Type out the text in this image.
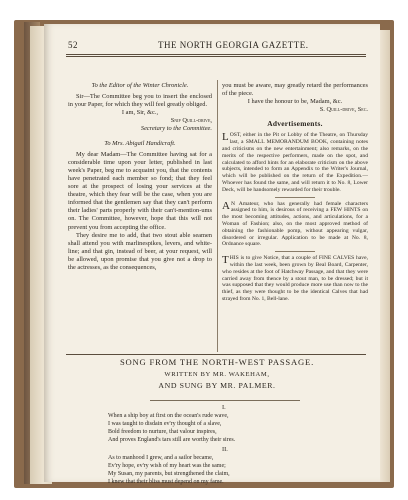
52	THE NORTH GEORGIA GAZETTE.

To the Editor of the Winter Chronicle.

Sir—The Committee beg you to insert the enclosed in your Paper, for which they will feel greatly obliged.

I am, Sir, &c.,

Snip Quill-drive,

Secretary to the Committee.

To Mrs. Abigail Handicraft.

My dear Madam—The Committee having sat for a considerable time upon your letter, published in last week's Paper, beg me to acquaint you, that the contents have penetrated each member so fond; that they feel sore at the prospect of losing your services at the theatre, which they fear will be the case, when you are informed that the gentlemen say that they can't perform their ladies' parts properly with their can't-mention-ums on. The Committee, however, hope that this will not prevent you from accepting the office.

They desire me to add, that two stout able seamen shall attend you with marlinespikes, levers, and white-line; and that gin, instead of beer, at your request, will be allowed, upon promise that you give not a drop to the actresses, as the consequences,

you must be aware, may greatly retard the performances of the piece.

I have the honour to be, Madam, &c.

S. Quill-drive, Sec.

Advertisements.
LOST, either in the Pit or Lobby of the Theatre, on Thursday last, a SMALL MEMORANDUM BOOK, containing notes and criticisms on the new entertainment; also remarks, on the merits of the respective performers, made on the spot, and calculated to afford hints for an elaborate criticism on the above subjects, intended to form an Appendix to the Writer's Journal, which will be published on the return of the Expedition.—Whoever has found the same, and will return it to No. 8, Lower Deck, will be handsomely rewarded for their trouble.
A N Amateur, who has generally had female characters assigned to him, is desirous of receiving a FEW HINTS on the most becoming attitudes, actions, and articulations, for a Woman of Fashion; also, on the most approved method of obtaining the fashionable pomp, without appearing vulgar, disordered or irregular. Application to be made at No. 8, Ordnance square.
THIS is to give Notice, that a couple of FINE CALVES have, within the last week, been grown by Beal Board, Carpenter, who resides at the foot of Hatchway Passage, and that they were carried away from thence by a stout man, to be dressed; but it was supposed that they would produce more use than now to the thief, as they were thought to be the identical Calves that had strayed from No. 1, Bell-lane.
SONG FROM THE NORTH-WEST PASSAGE.
WRITTEN BY MR. WAKEHAM,
AND SUNG BY MR. PALMER.
I.
When a ship boy at first on the ocean's rude wave,
I was taught to disdain ev'ry thought of a slave,
Bold freedom to nurture, that valour inspires,
And proves England's tars still are worthy their sires.
II.
As to manhood I grew, and a sailor became,
Ev'ry hope, ev'ry wish of my heart was the same;
My Susan, my parents, but strengthened the claim,
I knew that their bliss must depend on my fame.
